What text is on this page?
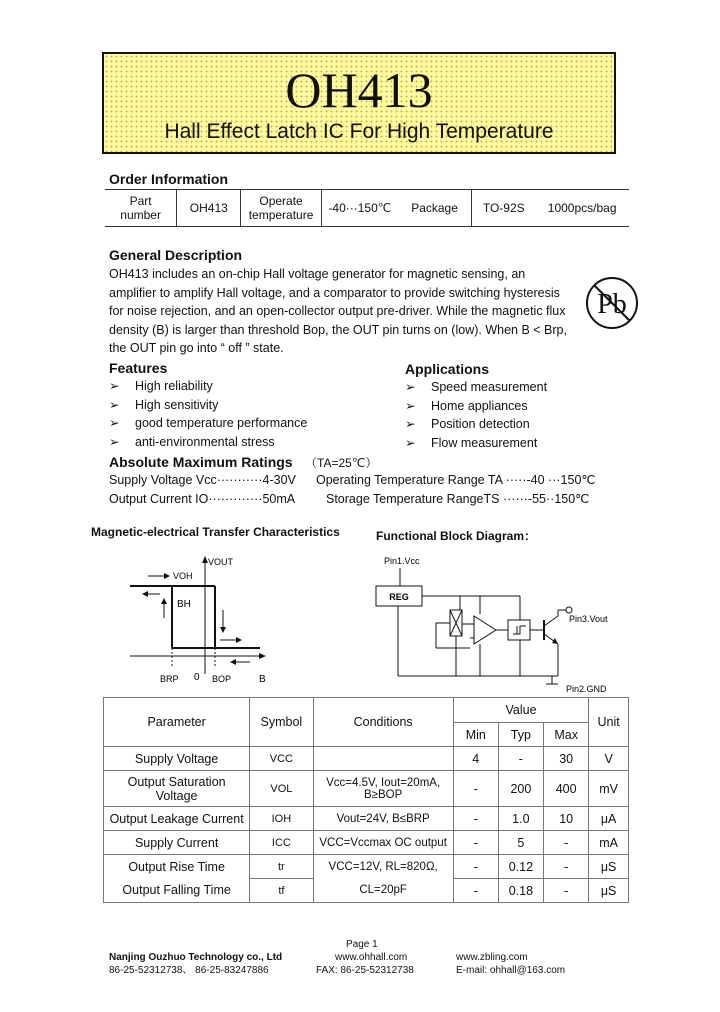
OH413
Hall Effect Latch IC For High Temperature
Order Information
Part number	OH413	Operate temperature	-40···150℃	Package	TO-92S	1000pcs/bag
General Description
OH413 includes an on-chip Hall voltage generator for magnetic sensing, an
amplifier to amplify Hall voltage, and a comparator to provide switching hysteresis
for noise rejection, and an open-collector output pre-driver. While the magnetic flux
density (B) is larger than threshold Bop, the OUT pin turns on (low). When B < Brp,
the OUT pin go into “ off ” state.
Pb
Features
➢ High reliability
➢ High sensitivity
➢ good temperature performance
➢ anti-environmental stress
Applications
➢ Speed measurement
➢ Home appliances
➢ Position detection
➢ Flow measurement
Absolute Maximum Ratings （TA=25℃）
Supply Voltage Vcc···········4-30V Operating Temperature Range TA ·····-40 ···150℃
Output Current IO·············50mA Storage Temperature RangeTS ······-55··150℃
Magnetic-electrical Transfer Characteristics
VOUT
VOH
BH
BRP 0 BOP	B
Functional Block Diagram：
Pin1.Vcc
REG
Pin3.Vout
Pin2.GND
Parameter	Symbol	Conditions	Value			Unit
			Min	Typ	Max	
Supply Voltage	VCC		4	-	30	V
Output Saturation Voltage	VOL	Vcc=4.5V, Iout=20mA, B≥BOP	-	200	400	mV
Output Leakage Current	IOH	Vout=24V, B≤BRP	-	1.0	10	μA
Supply Current	ICC	VCC=Vccmax OC output	-	5	-	mA
Output Rise Time	tr	VCC=12V, RL=820Ω,	-	0.12	-	μS
Output Falling Time	tf	CL=20pF	-	0.18	-	μS
Page 1
Nanjing Ouzhuo Technology co., Ltd	www.ohhall.com	www.zbling.com
86-25-52312738、 86-25-83247886	FAX: 86-25-52312738	E-mail: ohhall@163.com
